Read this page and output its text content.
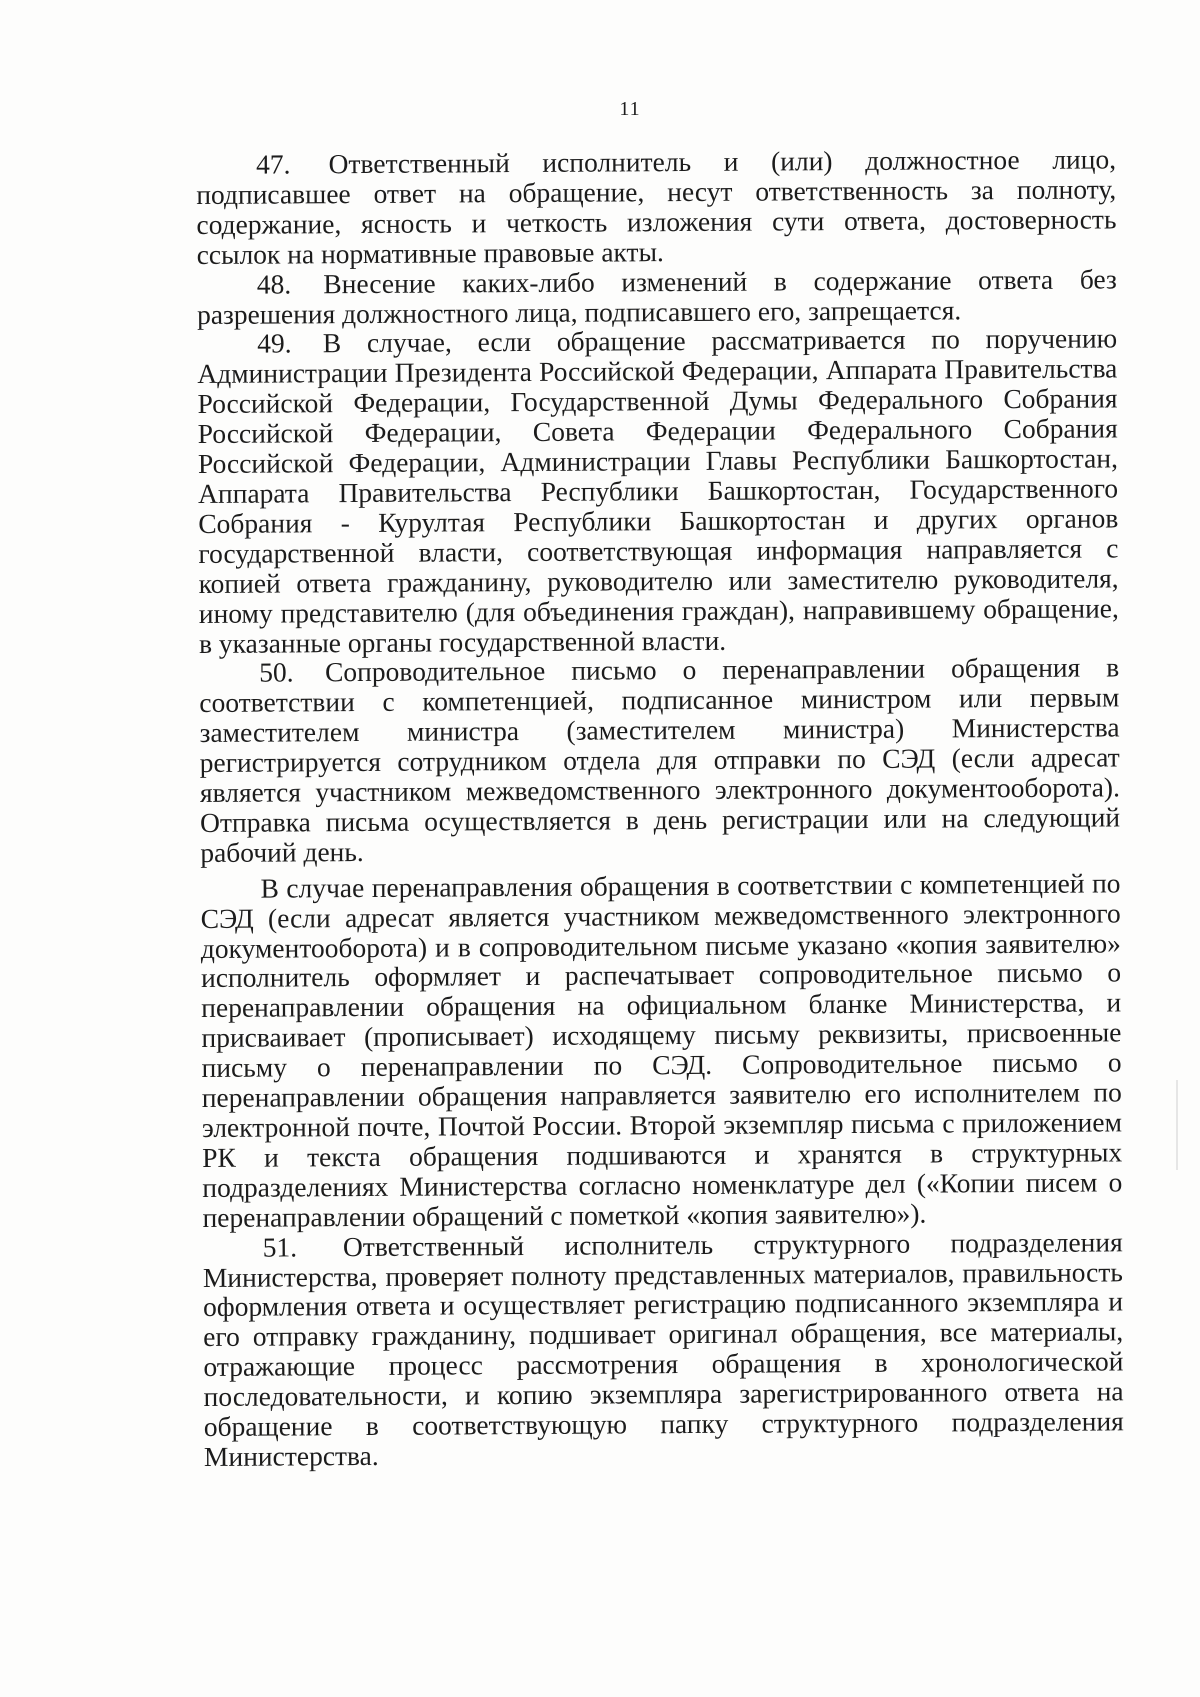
11

47. Ответственный исполнитель и (или) должностное лицо, подписавшее ответ на обращение, несут ответственность за полноту, содержание, ясность и четкость изложения сути ответа, достоверность ссылок на нормативные правовые акты.

48. Внесение каких-либо изменений в содержание ответа без разрешения должностного лица, подписавшего его, запрещается.

49. В случае, если обращение рассматривается по поручению Администрации Президента Российской Федерации, Аппарата Правительства Российской Федерации, Государственной Думы Федерального Собрания Российской Федерации, Совета Федерации Федерального Собрания Российской Федерации, Администрации Главы Республики Башкортостан, Аппарата Правительства Республики Башкортостан, Государственного Собрания - Курултая Республики Башкортостан и других органов государственной власти, соответствующая информация направляется с копией ответа гражданину, руководителю или заместителю руководителя, иному представителю (для объединения граждан), направившему обращение, в указанные органы государственной власти.

50. Сопроводительное письмо о перенаправлении обращения в соответствии с компетенцией, подписанное министром или первым заместителем министра (заместителем министра) Министерства регистрируется сотрудником отдела для отправки по СЭД (если адресат является участником межведомственного электронного документооборота). Отправка письма осуществляется в день регистрации или на следующий рабочий день.

В случае перенаправления обращения в соответствии с компетенцией по СЭД (если адресат является участником межведомственного электронного документооборота) и в сопроводительном письме указано «копия заявителю» исполнитель оформляет и распечатывает сопроводительное письмо о перенаправлении обращения на официальном бланке Министерства, и присваивает (прописывает) исходящему письму реквизиты, присвоенные письму о перенаправлении по СЭД. Сопроводительное письмо о перенаправлении обращения направляется заявителю его исполнителем по электронной почте, Почтой России. Второй экземпляр письма с приложением РК и текста обращения подшиваются и хранятся в структурных подразделениях Министерства согласно номенклатуре дел («Копии писем о перенаправлении обращений с пометкой «копия заявителю»).

51. Ответственный исполнитель структурного подразделения Министерства, проверяет полноту представленных материалов, правильность оформления ответа и осуществляет регистрацию подписанного экземпляра и его отправку гражданину, подшивает оригинал обращения, все материалы, отражающие процесс рассмотрения обращения в хронологической последовательности, и копию экземпляра зарегистрированного ответа на обращение в соответствующую папку структурного подразделения Министерства.
